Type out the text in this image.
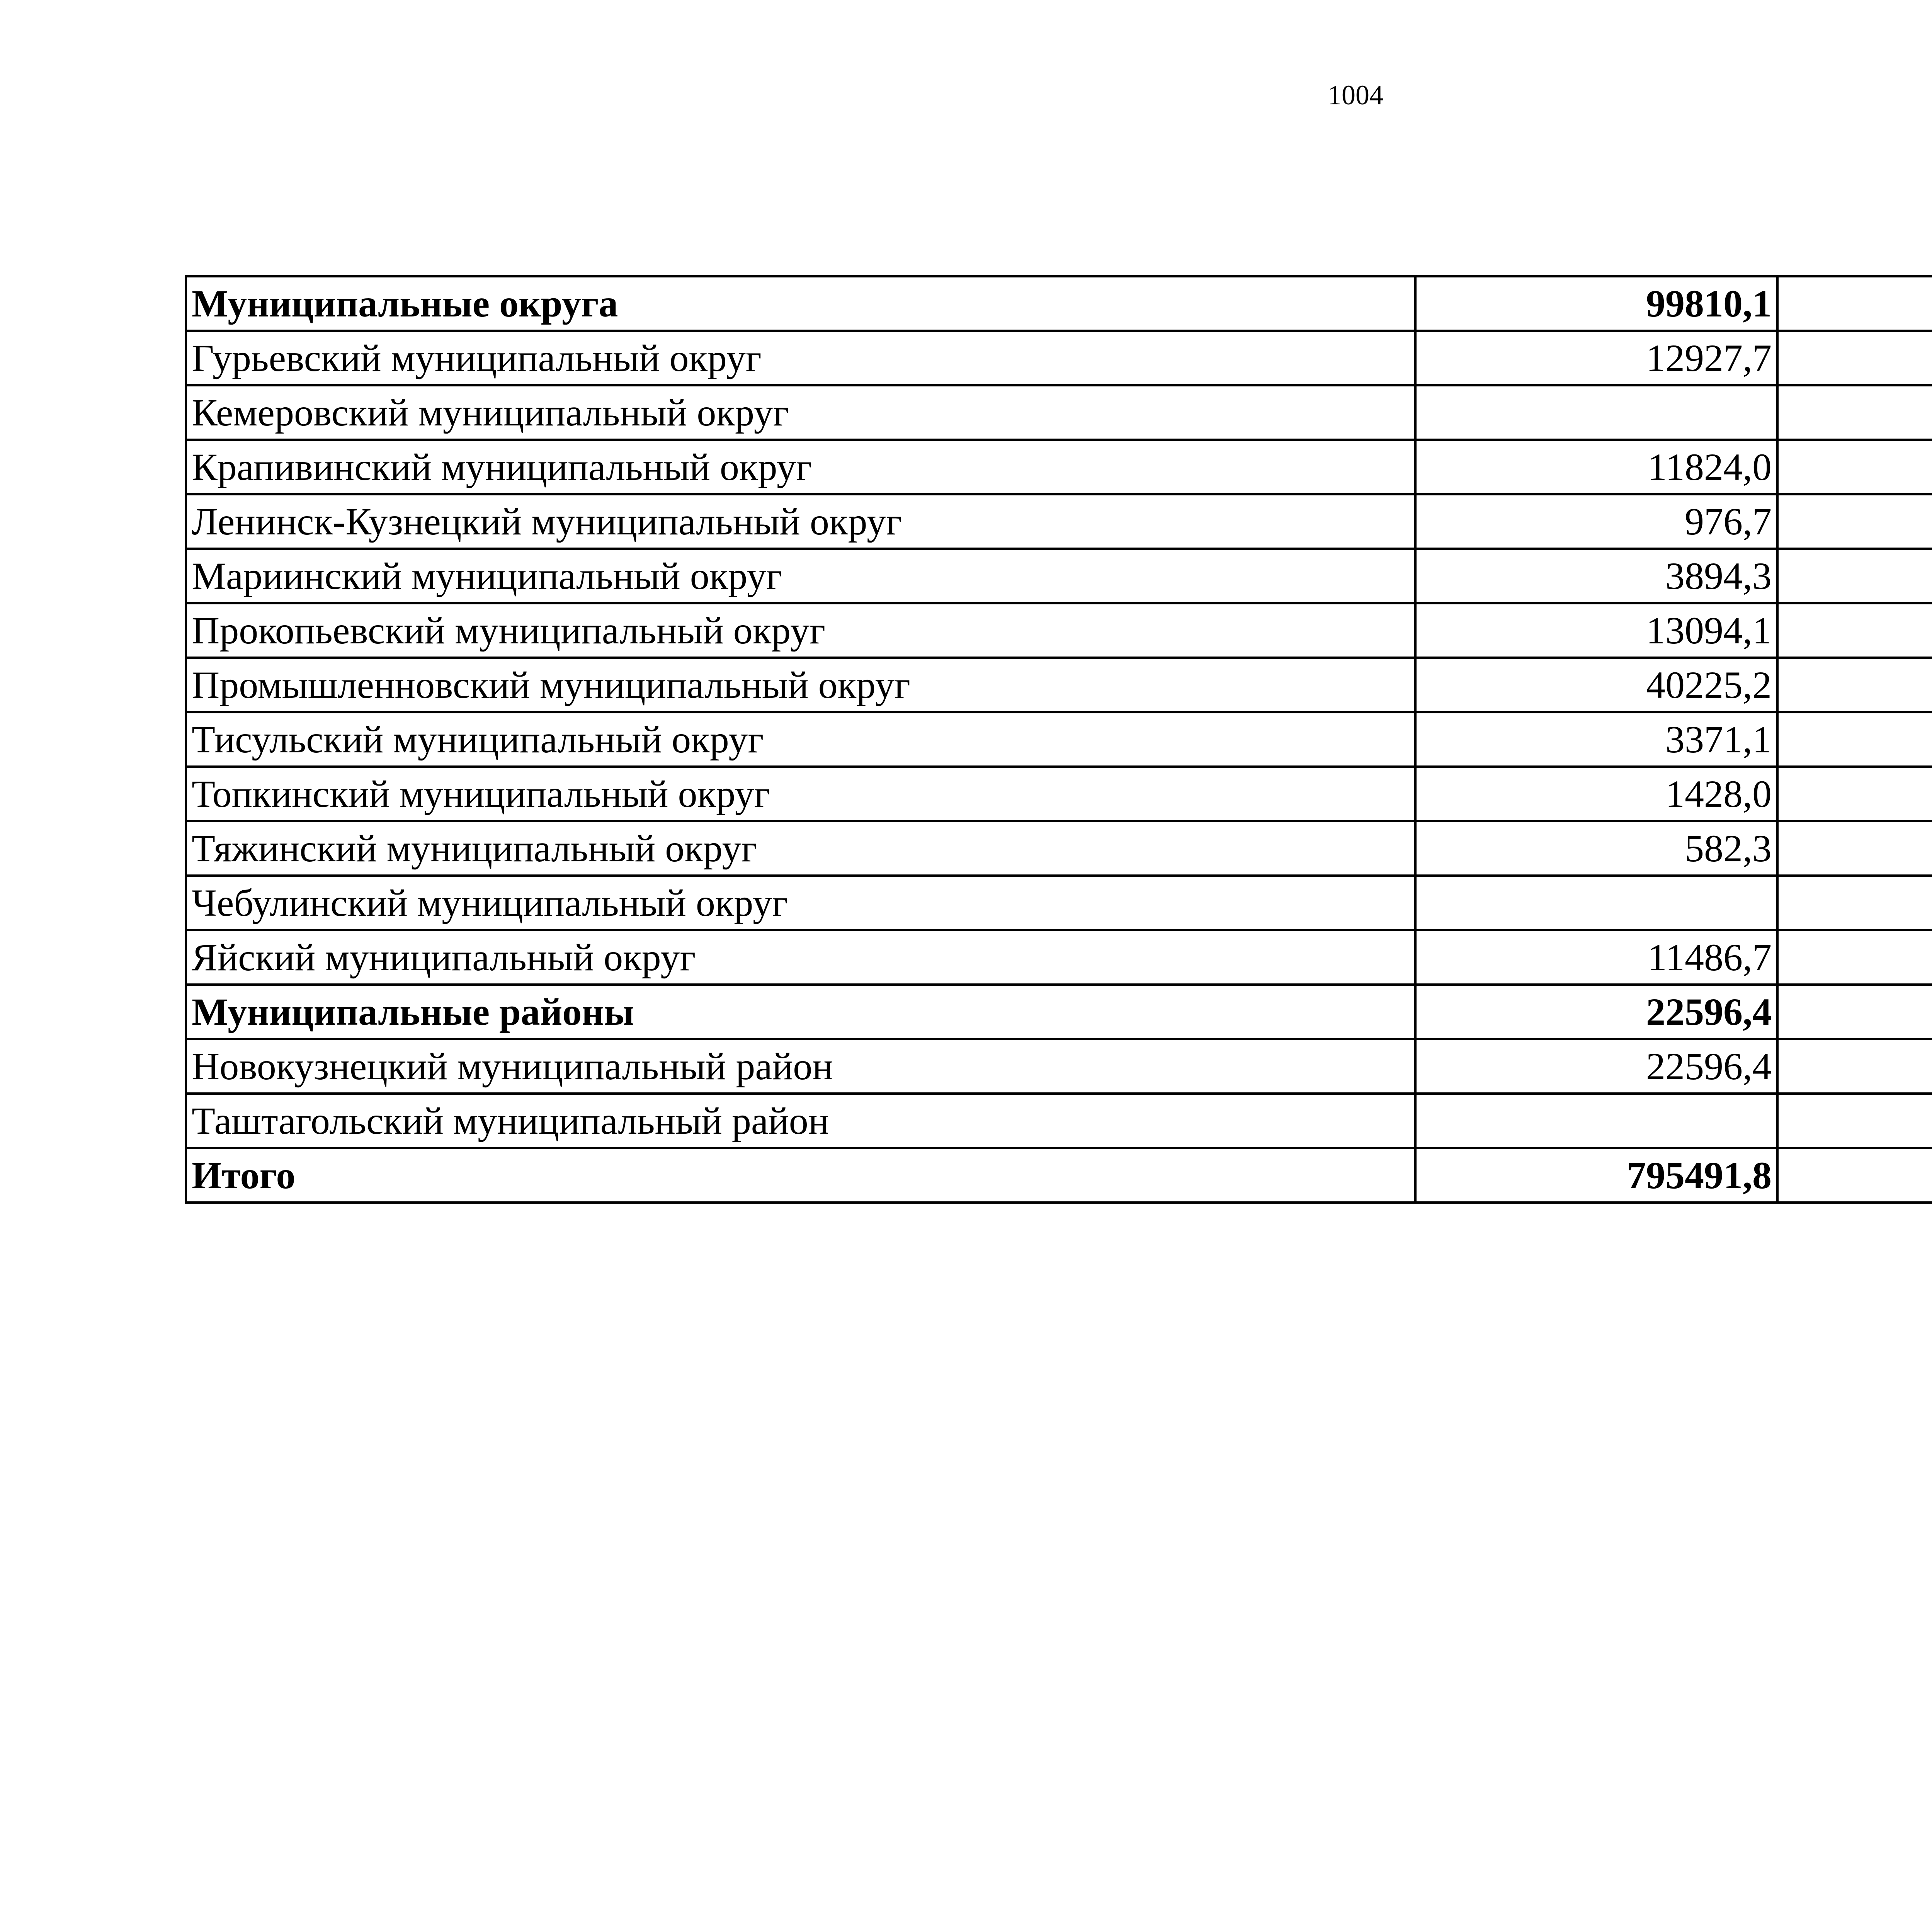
1004
Муниципальные округа	99810,1		
Гурьевский муниципальный округ	12927,7		
Кемеровский муниципальный округ			
Крапивинский муниципальный округ	11824,0		
Ленинск-Кузнецкий муниципальный округ	976,7		
Мариинский муниципальный округ	3894,3		
Прокопьевский муниципальный округ	13094,1		
Промышленновский муниципальный округ	40225,2		
Тисульский муниципальный округ	3371,1		
Топкинский муниципальный округ	1428,0		
Тяжинский муниципальный округ	582,3		
Чебулинский муниципальный округ			
Яйский муниципальный округ	11486,7		
Муниципальные районы	22596,4		
Новокузнецкий муниципальный район	22596,4		
Таштагольский муниципальный район			
Итого	795491,8		
